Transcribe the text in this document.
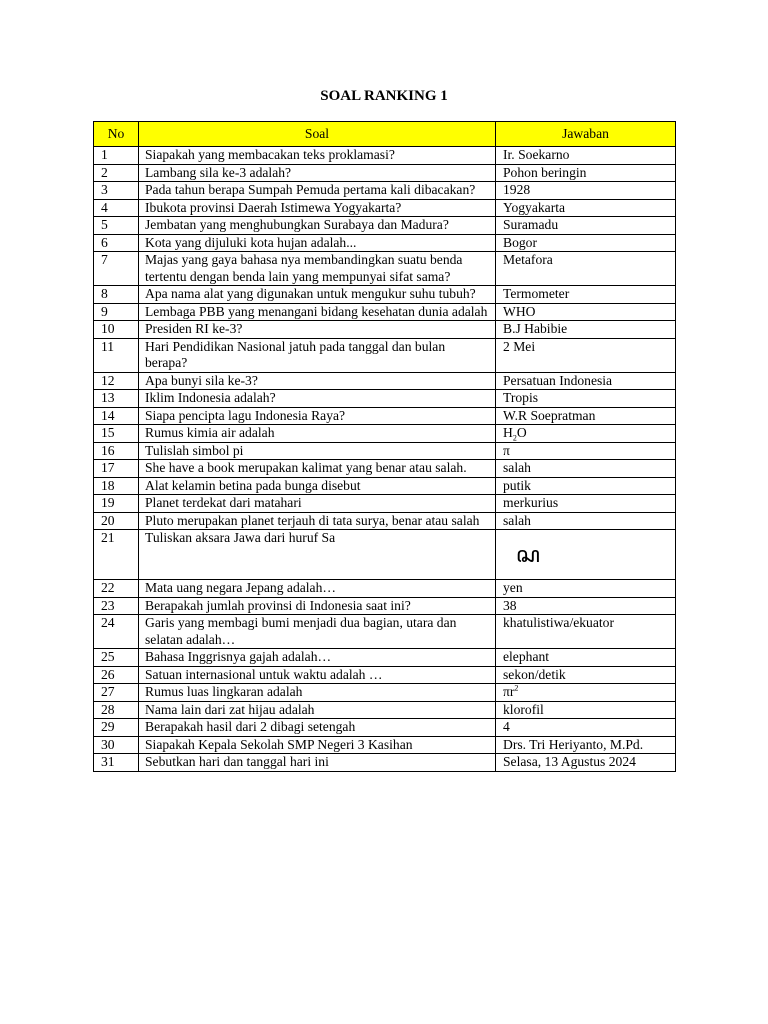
SOAL RANKING 1
No	Soal	Jawaban
1	Siapakah yang membacakan teks proklamasi?	Ir. Soekarno
2	Lambang sila ke-3 adalah?	Pohon beringin
3	Pada tahun berapa Sumpah Pemuda pertama kali dibacakan?	1928
4	Ibukota provinsi Daerah Istimewa Yogyakarta?	Yogyakarta
5	Jembatan yang menghubungkan Surabaya dan Madura?	Suramadu
6	Kota yang dijuluki kota hujan adalah...	Bogor
7	Majas yang gaya bahasa nya membandingkan suatu benda tertentu dengan benda lain yang mempunyai sifat sama?	Metafora
8	Apa nama alat yang digunakan untuk mengukur suhu tubuh?	Termometer
9	Lembaga PBB yang menangani bidang kesehatan dunia adalah	WHO
10	Presiden RI ke-3?	B.J Habibie
11	Hari Pendidikan Nasional jatuh pada tanggal dan bulan berapa?	2 Mei
12	Apa bunyi sila ke-3?	Persatuan Indonesia
13	Iklim Indonesia adalah?	Tropis
14	Siapa pencipta lagu Indonesia Raya?	W.R Soepratman
15	Rumus kimia air adalah	$H_2O$
16	Tulislah simbol pi	π
17	She have a book merupakan kalimat yang benar atau salah.	salah
18	Alat kelamin betina pada bunga disebut	putik
19	Planet terdekat dari matahari	merkurius
20	Pluto merupakan planet terjauh di tata surya, benar atau salah	salah
21	Tuliskan aksara Jawa dari huruf Sa	ꦱ

22	Mata uang negara Jepang adalah…	yen
23	Berapakah jumlah provinsi di Indonesia saat ini?	38
24	Garis yang membagi bumi menjadi dua bagian, utara dan selatan adalah…	khatulistiwa/ekuator
25	Bahasa Inggrisnya gajah adalah…	elephant
26	Satuan internasional untuk waktu adalah …	sekon/detik
27	Rumus luas lingkaran adalah	$\pi r^2$
28	Nama lain dari zat hijau adalah	klorofil
29	Berapakah hasil dari 2 dibagi setengah	4
30	Siapakah Kepala Sekolah SMP Negeri 3 Kasihan	Drs. Tri Heriyanto, M.Pd.
31	Sebutkan hari dan tanggal hari ini	Selasa, 13 Agustus 2024
